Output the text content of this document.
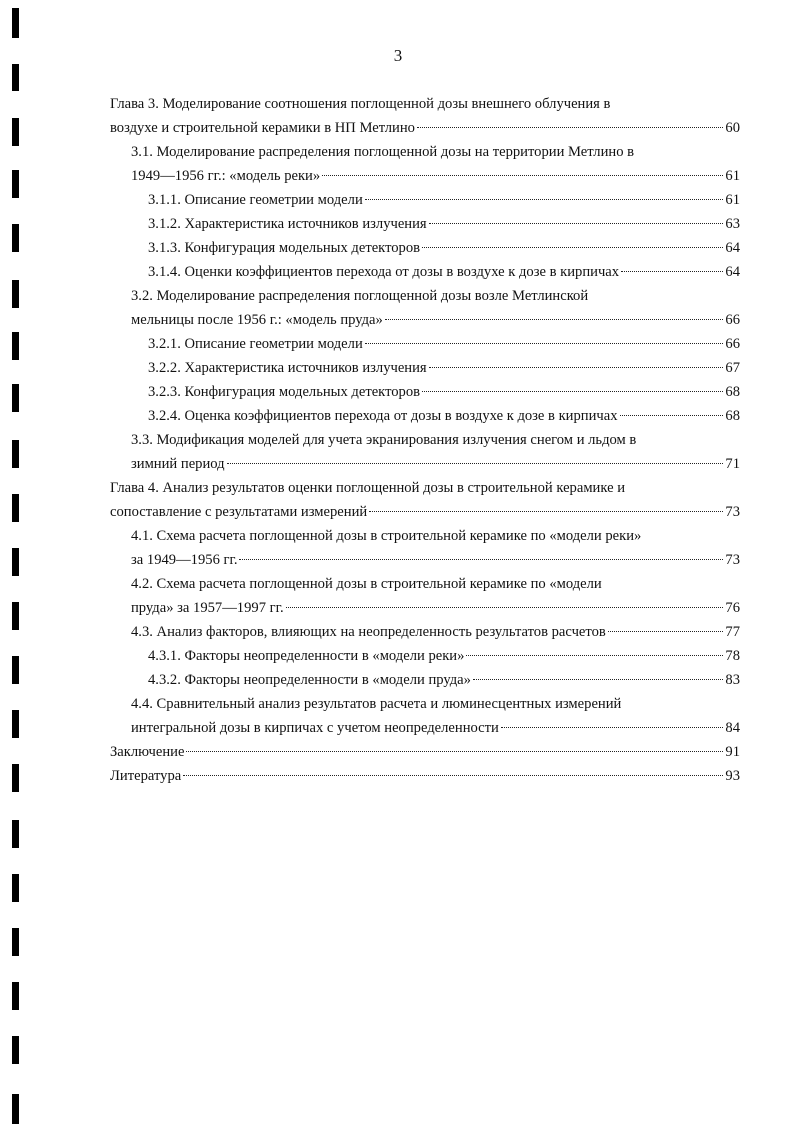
3
Глава 3. Моделирование соотношения поглощенной дозы внешнего облучения в
воздухе и строительной керамики в НП Метлино	60
3.1. Моделирование распределения поглощенной дозы на территории Метлино в
1949—1956 гг.: «модель реки»	61
3.1.1. Описание геометрии модели	61
3.1.2. Характеристика источников излучения	63
3.1.3. Конфигурация модельных детекторов	64
3.1.4. Оценки коэффициентов перехода от дозы в воздухе к дозе в кирпичах	64
3.2. Моделирование распределения поглощенной дозы возле Метлинской
мельницы после 1956 г.: «модель пруда»	66
3.2.1. Описание геометрии модели	66
3.2.2. Характеристика источников излучения	67
3.2.3. Конфигурация модельных детекторов	68
3.2.4. Оценка коэффициентов перехода от дозы в воздухе к дозе в кирпичах	68
3.3. Модификация моделей для учета экранирования излучения снегом и льдом в
зимний период	71
Глава 4. Анализ результатов оценки поглощенной дозы в строительной керамике и
сопоставление с результатами измерений	73
4.1. Схема расчета поглощенной дозы в строительной керамике по «модели реки»
за 1949—1956 гг.	73
4.2. Схема расчета поглощенной дозы в строительной керамике по «модели
пруда» за 1957—1997 гг.	76
4.3. Анализ факторов, влияющих на неопределенность результатов расчетов	77
4.3.1. Факторы неопределенности в «модели реки»	78
4.3.2. Факторы неопределенности в «модели пруда»	83
4.4. Сравнительный анализ результатов расчета и люминесцентных измерений
интегральной дозы в кирпичах с учетом неопределенности	84
Заключение	91
Литература	93
